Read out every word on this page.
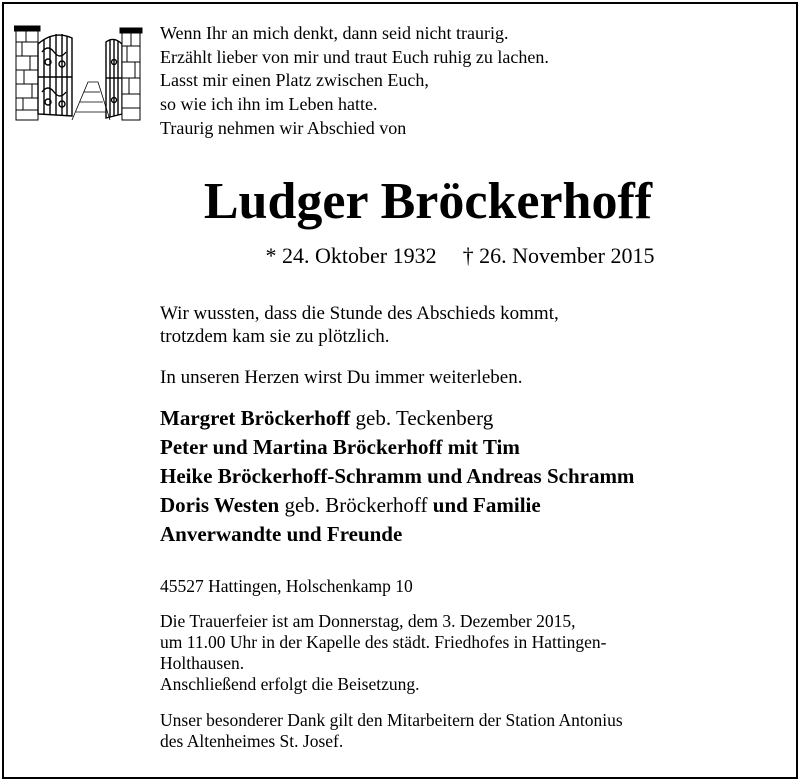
Wenn Ihr an mich denkt, dann seid nicht traurig.
Erzählt lieber von mir und traut Euch ruhig zu lachen.
Lasst mir einen Platz zwischen Euch,
so wie ich ihn im Leben hatte.
Traurig nehmen wir Abschied von
Ludger Bröckerhoff
* 24. Oktober 1932 † 26. November 2015
Wir wussten, dass die Stunde des Abschieds kommt,
trotzdem kam sie zu plötzlich.
In unseren Herzen wirst Du immer weiterleben.
Margret Bröckerhoff geb. Teckenberg
Peter und Martina Bröckerhoff mit Tim
Heike Bröckerhoff-Schramm und Andreas Schramm
Doris Westen geb. Bröckerhoff und Familie
Anverwandte und Freunde
45527 Hattingen, Holschenkamp 10
Die Trauerfeier ist am Donnerstag, dem 3. Dezember 2015,
um 11.00 Uhr in der Kapelle des städt. Friedhofes in Hattingen-
Holthausen.
Anschließend erfolgt die Beisetzung.
Unser besonderer Dank gilt den Mitarbeitern der Station Antonius
des Altenheimes St. Josef.
